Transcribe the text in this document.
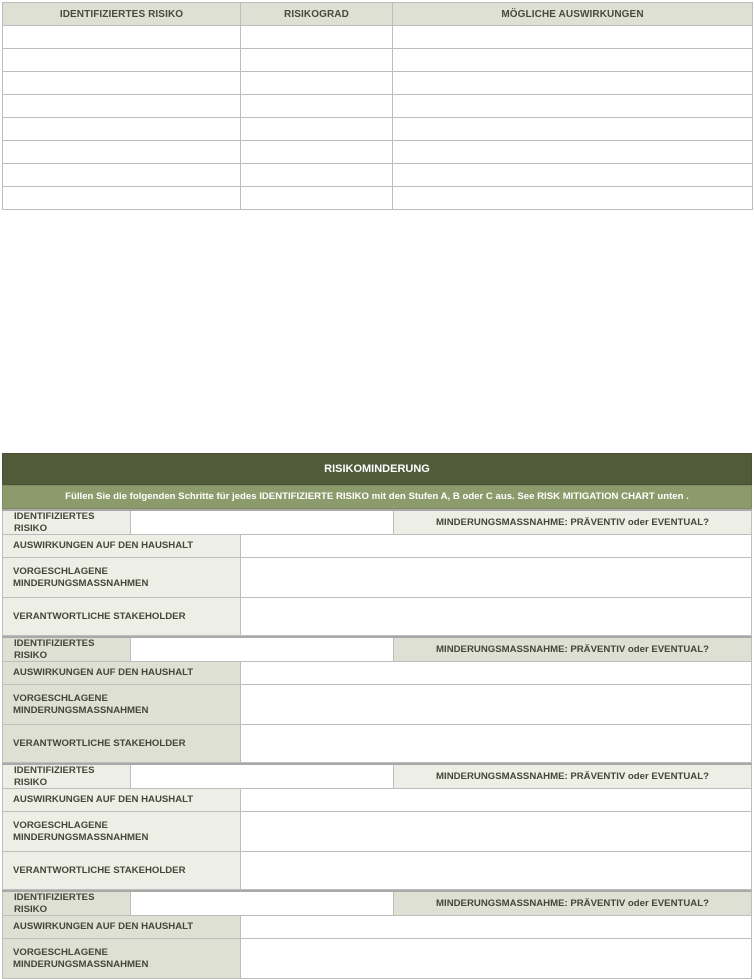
IDENTIFIZIERTES RISIKO	RISIKOGRAD	MÖGLICHE AUSWIRKUNGEN

RISIKOMINDERUNG
Füllen Sie die folgenden Schritte für jedes IDENTIFIZIERTE RISIKO mit den Stufen A, B oder C aus. See RISK MITIGATION CHART unten .
IDENTIFIZIERTES RISIKO	MINDERUNGSMASSNAHME: PRÄVENTIV oder EVENTUAL?
AUSWIRKUNGEN AUF DEN HAUSHALT
VORGESCHLAGENE MINDERUNGSMASSNAHMEN
VERANTWORTLICHE STAKEHOLDER
IDENTIFIZIERTES RISIKO	MINDERUNGSMASSNAHME: PRÄVENTIV oder EVENTUAL?
AUSWIRKUNGEN AUF DEN HAUSHALT
VORGESCHLAGENE MINDERUNGSMASSNAHMEN
VERANTWORTLICHE STAKEHOLDER
IDENTIFIZIERTES RISIKO	MINDERUNGSMASSNAHME: PRÄVENTIV oder EVENTUAL?
AUSWIRKUNGEN AUF DEN HAUSHALT
VORGESCHLAGENE MINDERUNGSMASSNAHMEN
VERANTWORTLICHE STAKEHOLDER
IDENTIFIZIERTES RISIKO	MINDERUNGSMASSNAHME: PRÄVENTIV oder EVENTUAL?
AUSWIRKUNGEN AUF DEN HAUSHALT
VORGESCHLAGENE MINDERUNGSMASSNAHMEN
